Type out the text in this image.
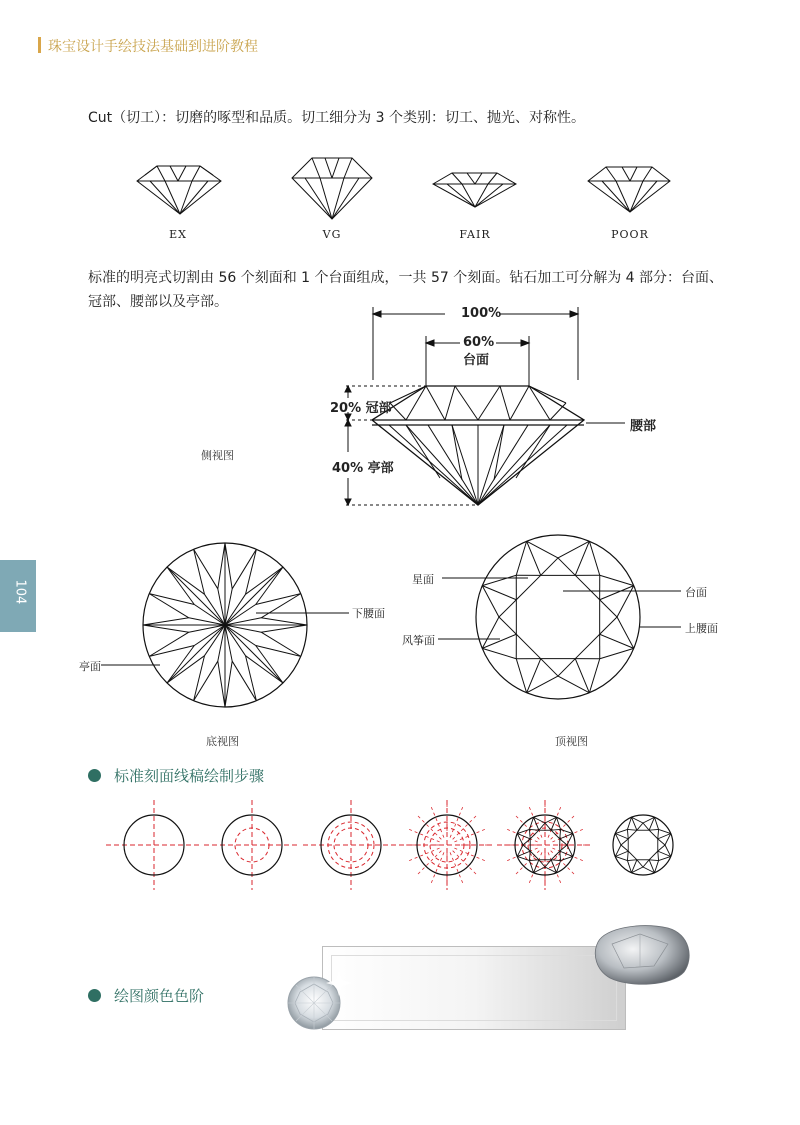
珠宝设计手绘技法基础到进阶教程
104
Cut（切工）：切磨的啄型和品质。切工细分为 3 个类别：切工、抛光、对称性。
标准的明亮式切割由 56 个刻面和 1 个台面组成，一共 57 个刻面。钻石加工可分解为 4 部分：台面、冠部、腰部以及亭部。
EX	VG	FAIR	POOR
100%
60%
台面
20% 冠部
40% 亭部
腰部
侧视图
下腰面
亭面
底视图
星面
台面
风筝面
上腰面
顶视图
标准刻面线稿绘制步骤
绘图颜色色阶
